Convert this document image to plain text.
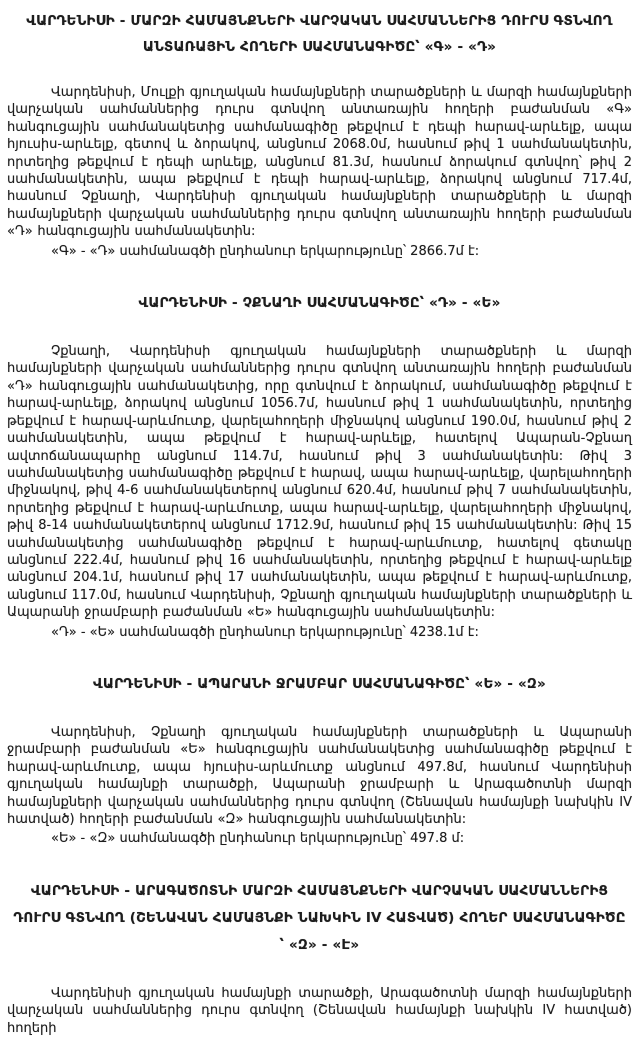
ՎԱՐԴԵՆԻՍԻ - ՄԱՐԶԻ ՀԱՄԱՅՆՔՆԵՐԻ ՎԱՐՉԱԿԱՆ ՍԱՀՄԱՆՆԵՐԻՑ ԴՈՒՐՍ ԳՏՆՎՈՂ ԱՆՏԱՌԱՅԻՆ ՀՈՂԵՐԻ ՍԱՀՄԱՆԱԳԻԾԸ՝ «Գ» - «Դ»

Վարդենիսի, Մուլքի գյուղական համայնքների տարածքների և մարզի համայնքների վարչական սահմաններից դուրս գտնվող անտառային հողերի բաժանման «Գ» հանգուցային սահմանակետից սահմանագիծը թեքվում է դեպի հարավ-արևելք, ապա հյուսիս-արևելք, գետով և ձորակով, անցնում 2068.0մ, հասնում թիվ 1 սահմանակետին, որտեղից թեքվում է դեպի արևելք, անցնում 81.3մ, հասնում ձորակում գտնվող՝ թիվ 2 սահմանակետին, ապա թեքվում է դեպի հարավ-արևելք, ձորակով անցնում 717.4մ, հասնում Չքնաղի, Վարդենիսի գյուղական համայնքների տարածքների և մարզի համայնքների վարչական սահմաններից դուրս գտնվող անտառային հողերի բաժանման «Դ» հանգուցային սահմանակետին:

«Գ» - «Դ» սահմանագծի ընդհանուր երկարությունը՝ 2866.7մ է:

ՎԱՐԴԵՆԻՍԻ - ՉՔՆԱՂԻ ՍԱՀՄԱՆԱԳԻԾԸ՝ «Դ» - «Ե»

Չքնաղի, Վարդենիսի գյուղական համայնքների տարածքների և մարզի համայնքների վարչական սահմաններից դուրս գտնվող անտառային հողերի բաժանման «Դ» հանգուցային սահմանակետից, որը գտնվում է ձորակում, սահմանագիծը թեքվում է հարավ-արևելք, ձորակով անցնում 1056.7մ, հասնում թիվ 1 սահմանակետին, որտեղից թեքվում է հարավ-արևմուտք, վարելահողերի միջնակով անցնում 190.0մ, հասնում թիվ 2 սահմանակետին, ապա թեքվում է հարավ-արևելք, հատելով Ապարան-Չքնաղ ավտոճանապարհը անցնում 114.7մ, հասնում թիվ 3 սահմանակետին: Թիվ 3 սահմանակետից սահմանագիծը թեքվում է հարավ, ապա հարավ-արևելք, վարելահողերի միջնակով, թիվ 4-6 սահմանակետերով անցնում 620.4մ, հասնում թիվ 7 սահմանակետին, որտեղից թեքվում է հարավ-արևմուտք, ապա հարավ-արևելք, վարելահողերի միջնակով, թիվ 8-14 սահմանակետերով անցնում 1712.9մ, հասնում թիվ 15 սահմանակետին: Թիվ 15 սահմանակետից սահմանագիծը թեքվում է հարավ-արևմուտք, հատելով գետակը անցնում 222.4մ, հասնում թիվ 16 սահմանակետին, որտեղից թեքվում է հարավ-արևելք անցնում 204.1մ, հասնում թիվ 17 սահմանակետին, ապա թեքվում է հարավ-արևմուտք, անցնում 117.0մ, հասնում Վարդենիսի, Չքնաղի գյուղական համայնքների տարածքների և Ապարանի ջրամբարի բաժանման «Ե» հանգուցային սահմանակետին:

«Դ» - «Ե» սահմանագծի ընդհանուր երկարությունը՝ 4238.1մ է:

ՎԱՐԴԵՆԻՍԻ - ԱՊԱՐԱՆԻ ՋՐԱՄԲԱՐ ՍԱՀՄԱՆԱԳԻԾԸ՝ «Ե» - «Զ»

Վարդենիսի, Չքնաղի գյուղական համայնքների տարածքների և Ապարանի ջրամբարի բաժանման «Ե» հանգուցային սահմանակետից սահմանագիծը թեքվում է հարավ-արևմուտք, ապա հյուսիս-արևմուտք անցնում 497.8մ, հասնում Վարդենիսի գյուղական համայնքի տարածքի, Ապարանի ջրամբարի և Արագածոտնի մարզի համայնքների վարչական սահմաններից դուրս գտնվող (Շենավան համայնքի նախկին IV հատված) հողերի բաժանման «Զ» հանգուցային սահմանակետին:

«Ե» - «Զ» սահմանագծի ընդհանուր երկարությունը՝ 497.8 մ:

ՎԱՐԴԵՆԻՍԻ - ԱՐԱԳԱԾՈՏՆԻ ՄԱՐԶԻ ՀԱՄԱՅՆՔՆԵՐԻ ՎԱՐՉԱԿԱՆ ՍԱՀՄԱՆՆԵՐԻՑ ԴՈՒՐՍ ԳՏՆՎՈՂ (ՇԵՆԱՎԱՆ ՀԱՄԱՅՆՔԻ ՆԱԽԿԻՆ IV ՀԱՏՎԱԾ) ՀՈՂԵՐ ՍԱՀՄԱՆԱԳԻԾԸ ՝ «Զ» - «Է»

Վարդենիսի գյուղական համայնքի տարածքի, Արագածոտնի մարզի համայնքների վարչական սահմաններից դուրս գտնվող (Շենավան համայնքի նախկին IV հատված) հողերի
